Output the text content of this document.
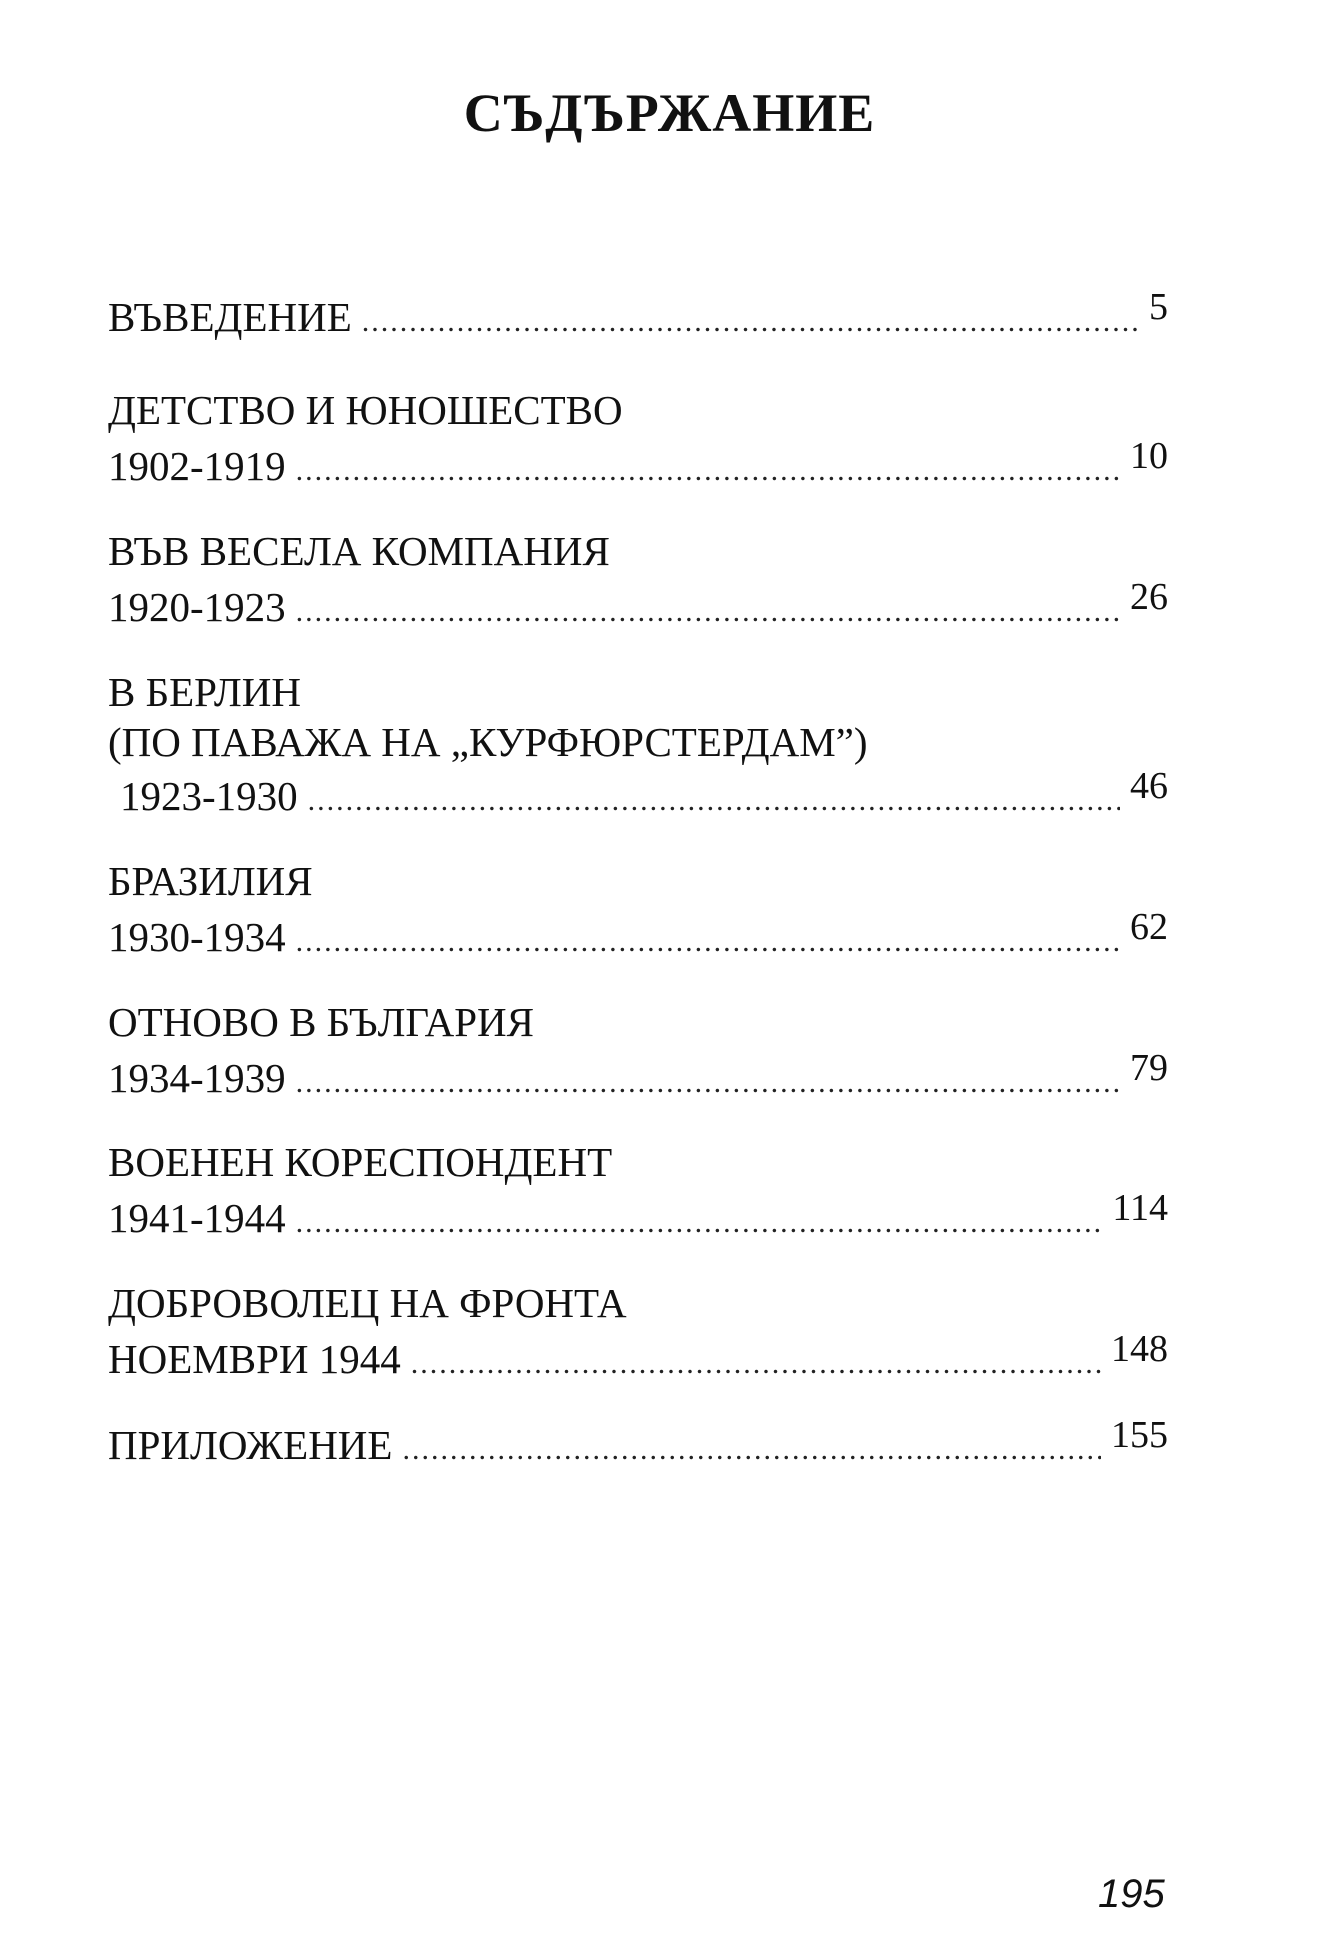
СЪДЪРЖАНИЕ
ВЪВЕДЕНИЕ .....	5
ДЕТСТВО И ЮНОШЕСТВО
1902-1919 .....	10
ВЪВ ВЕСЕЛА КОМПАНИЯ
1920-1923 .....	26
В БЕРЛИН
(ПО ПАВАЖА НА „КУРФЮРСТЕРДАМ”)
1923-1930 .....	46
БРАЗИЛИЯ
1930-1934 .....	62
ОТНОВО В БЪЛГАРИЯ
1934-1939 .....	79
ВОЕНЕН КОРЕСПОНДЕНТ
1941-1944 .....	114
ДОБРОВОЛЕЦ НА ФРОНТА
НОЕМВРИ 1944 .....	148
ПРИЛОЖЕНИЕ .....	155
195
